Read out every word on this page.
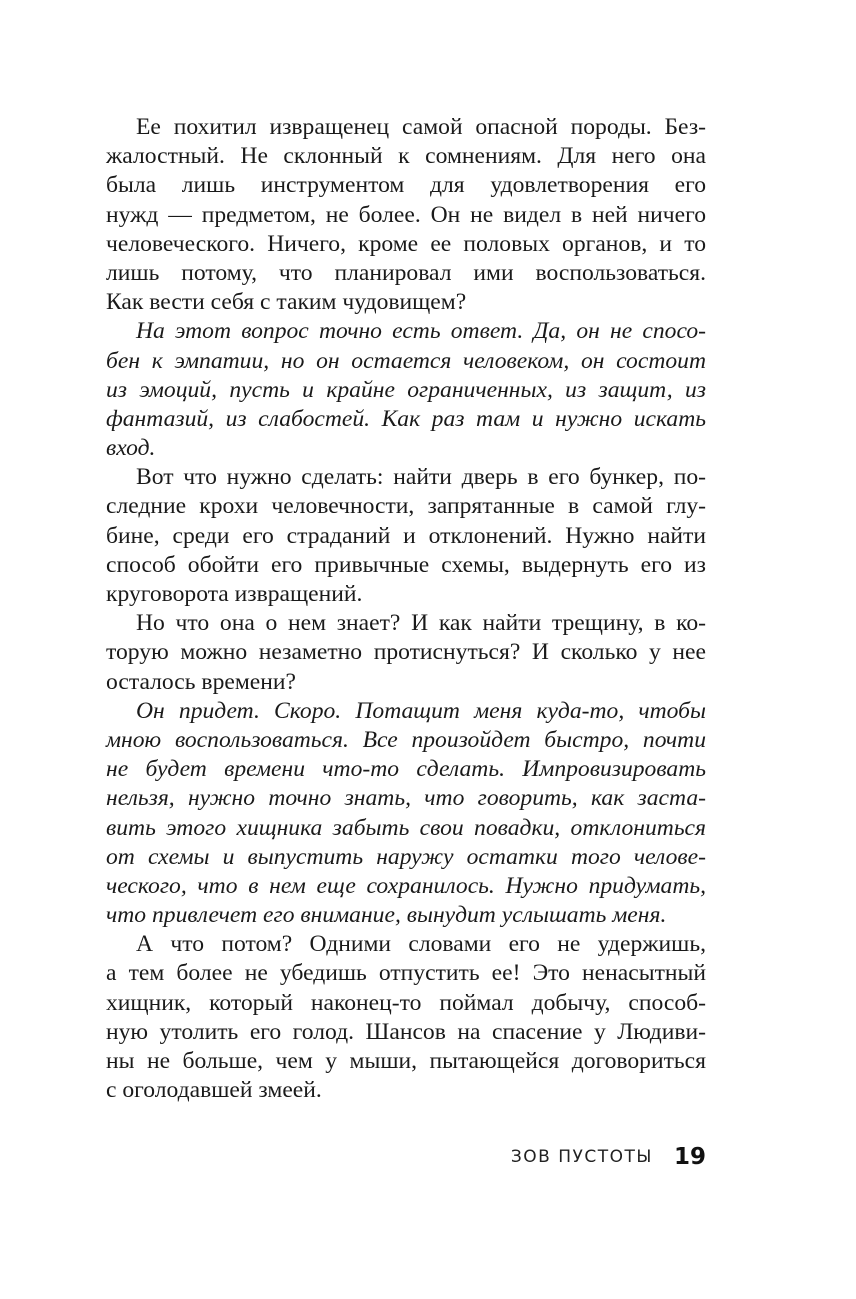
Ее похитил извращенец самой опасной породы. Без-
жалостный. Не склонный к сомнениям. Для него она
была лишь инструментом для удовлетворения его
нужд — предметом, не более. Он не видел в ней ничего
человеческого. Ничего, кроме ее половых органов, и то
лишь потому, что планировал ими воспользоваться.
Как вести себя с таким чудовищем?
На этот вопрос точно есть ответ. Да, он не спосо-
бен к эмпатии, но он остается человеком, он состоит
из эмоций, пусть и крайне ограниченных, из защит, из
фантазий, из слабостей. Как раз там и нужно искать
вход.
Вот что нужно сделать: найти дверь в его бункер, по-
следние крохи человечности, запрятанные в самой глу-
бине, среди его страданий и отклонений. Нужно найти
способ обойти его привычные схемы, выдернуть его из
круговорота извращений.
Но что она о нем знает? И как найти трещину, в ко-
торую можно незаметно протиснуться? И сколько у нее
осталось времени?
Он придет. Скоро. Потащит меня куда-то, чтобы
мною воспользоваться. Все произойдет быстро, почти
не будет времени что-то сделать. Импровизировать
нельзя, нужно точно знать, что говорить, как заста-
вить этого хищника забыть свои повадки, отклониться
от схемы и выпустить наружу остатки того челове-
ческого, что в нем еще сохранилось. Нужно придумать,
что привлечет его внимание, вынудит услышать меня.
А что потом? Одними словами его не удержишь,
а тем более не убедишь отпустить ее! Это ненасытный
хищник, который наконец-то поймал добычу, способ-
ную утолить его голод. Шансов на спасение у Людиви-
ны не больше, чем у мыши, пытающейся договориться
с оголодавшей змеей.
ЗОВ ПУСТОТЫ 19
